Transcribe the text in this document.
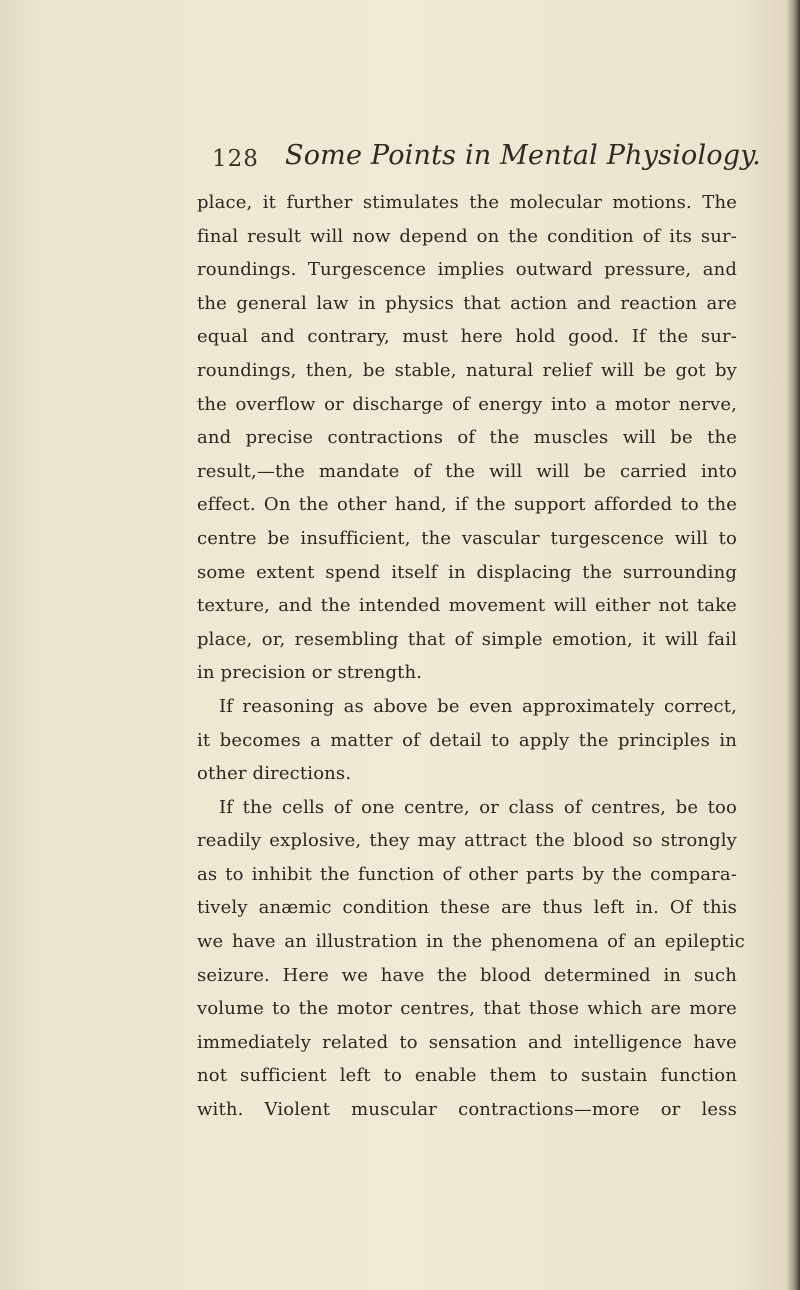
128 Some Points in Mental Physiology.
place, it further stimulates the molecular motions. The
final result will now depend on the condition of its sur-
roundings. Turgescence implies outward pressure, and
the general law in physics that action and reaction are
equal and contrary, must here hold good. If the sur-
roundings, then, be stable, natural relief will be got by
the overflow or discharge of energy into a motor nerve,
and precise contractions of the muscles will be the
result,—the mandate of the will will be carried into
effect. On the other hand, if the support afforded to the
centre be insufficient, the vascular turgescence will to
some extent spend itself in displacing the surrounding
texture, and the intended movement will either not take
place, or, resembling that of simple emotion, it will fail
in precision or strength.
If reasoning as above be even approximately correct,
it becomes a matter of detail to apply the principles in
other directions.
If the cells of one centre, or class of centres, be too
readily explosive, they may attract the blood so strongly
as to inhibit the function of other parts by the compara-
tively anæmic condition these are thus left in. Of this
we have an illustration in the phenomena of an epileptic
seizure. Here we have the blood determined in such
volume to the motor centres, that those which are more
immediately related to sensation and intelligence have
not sufficient left to enable them to sustain function
with. Violent muscular contractions—more or less
